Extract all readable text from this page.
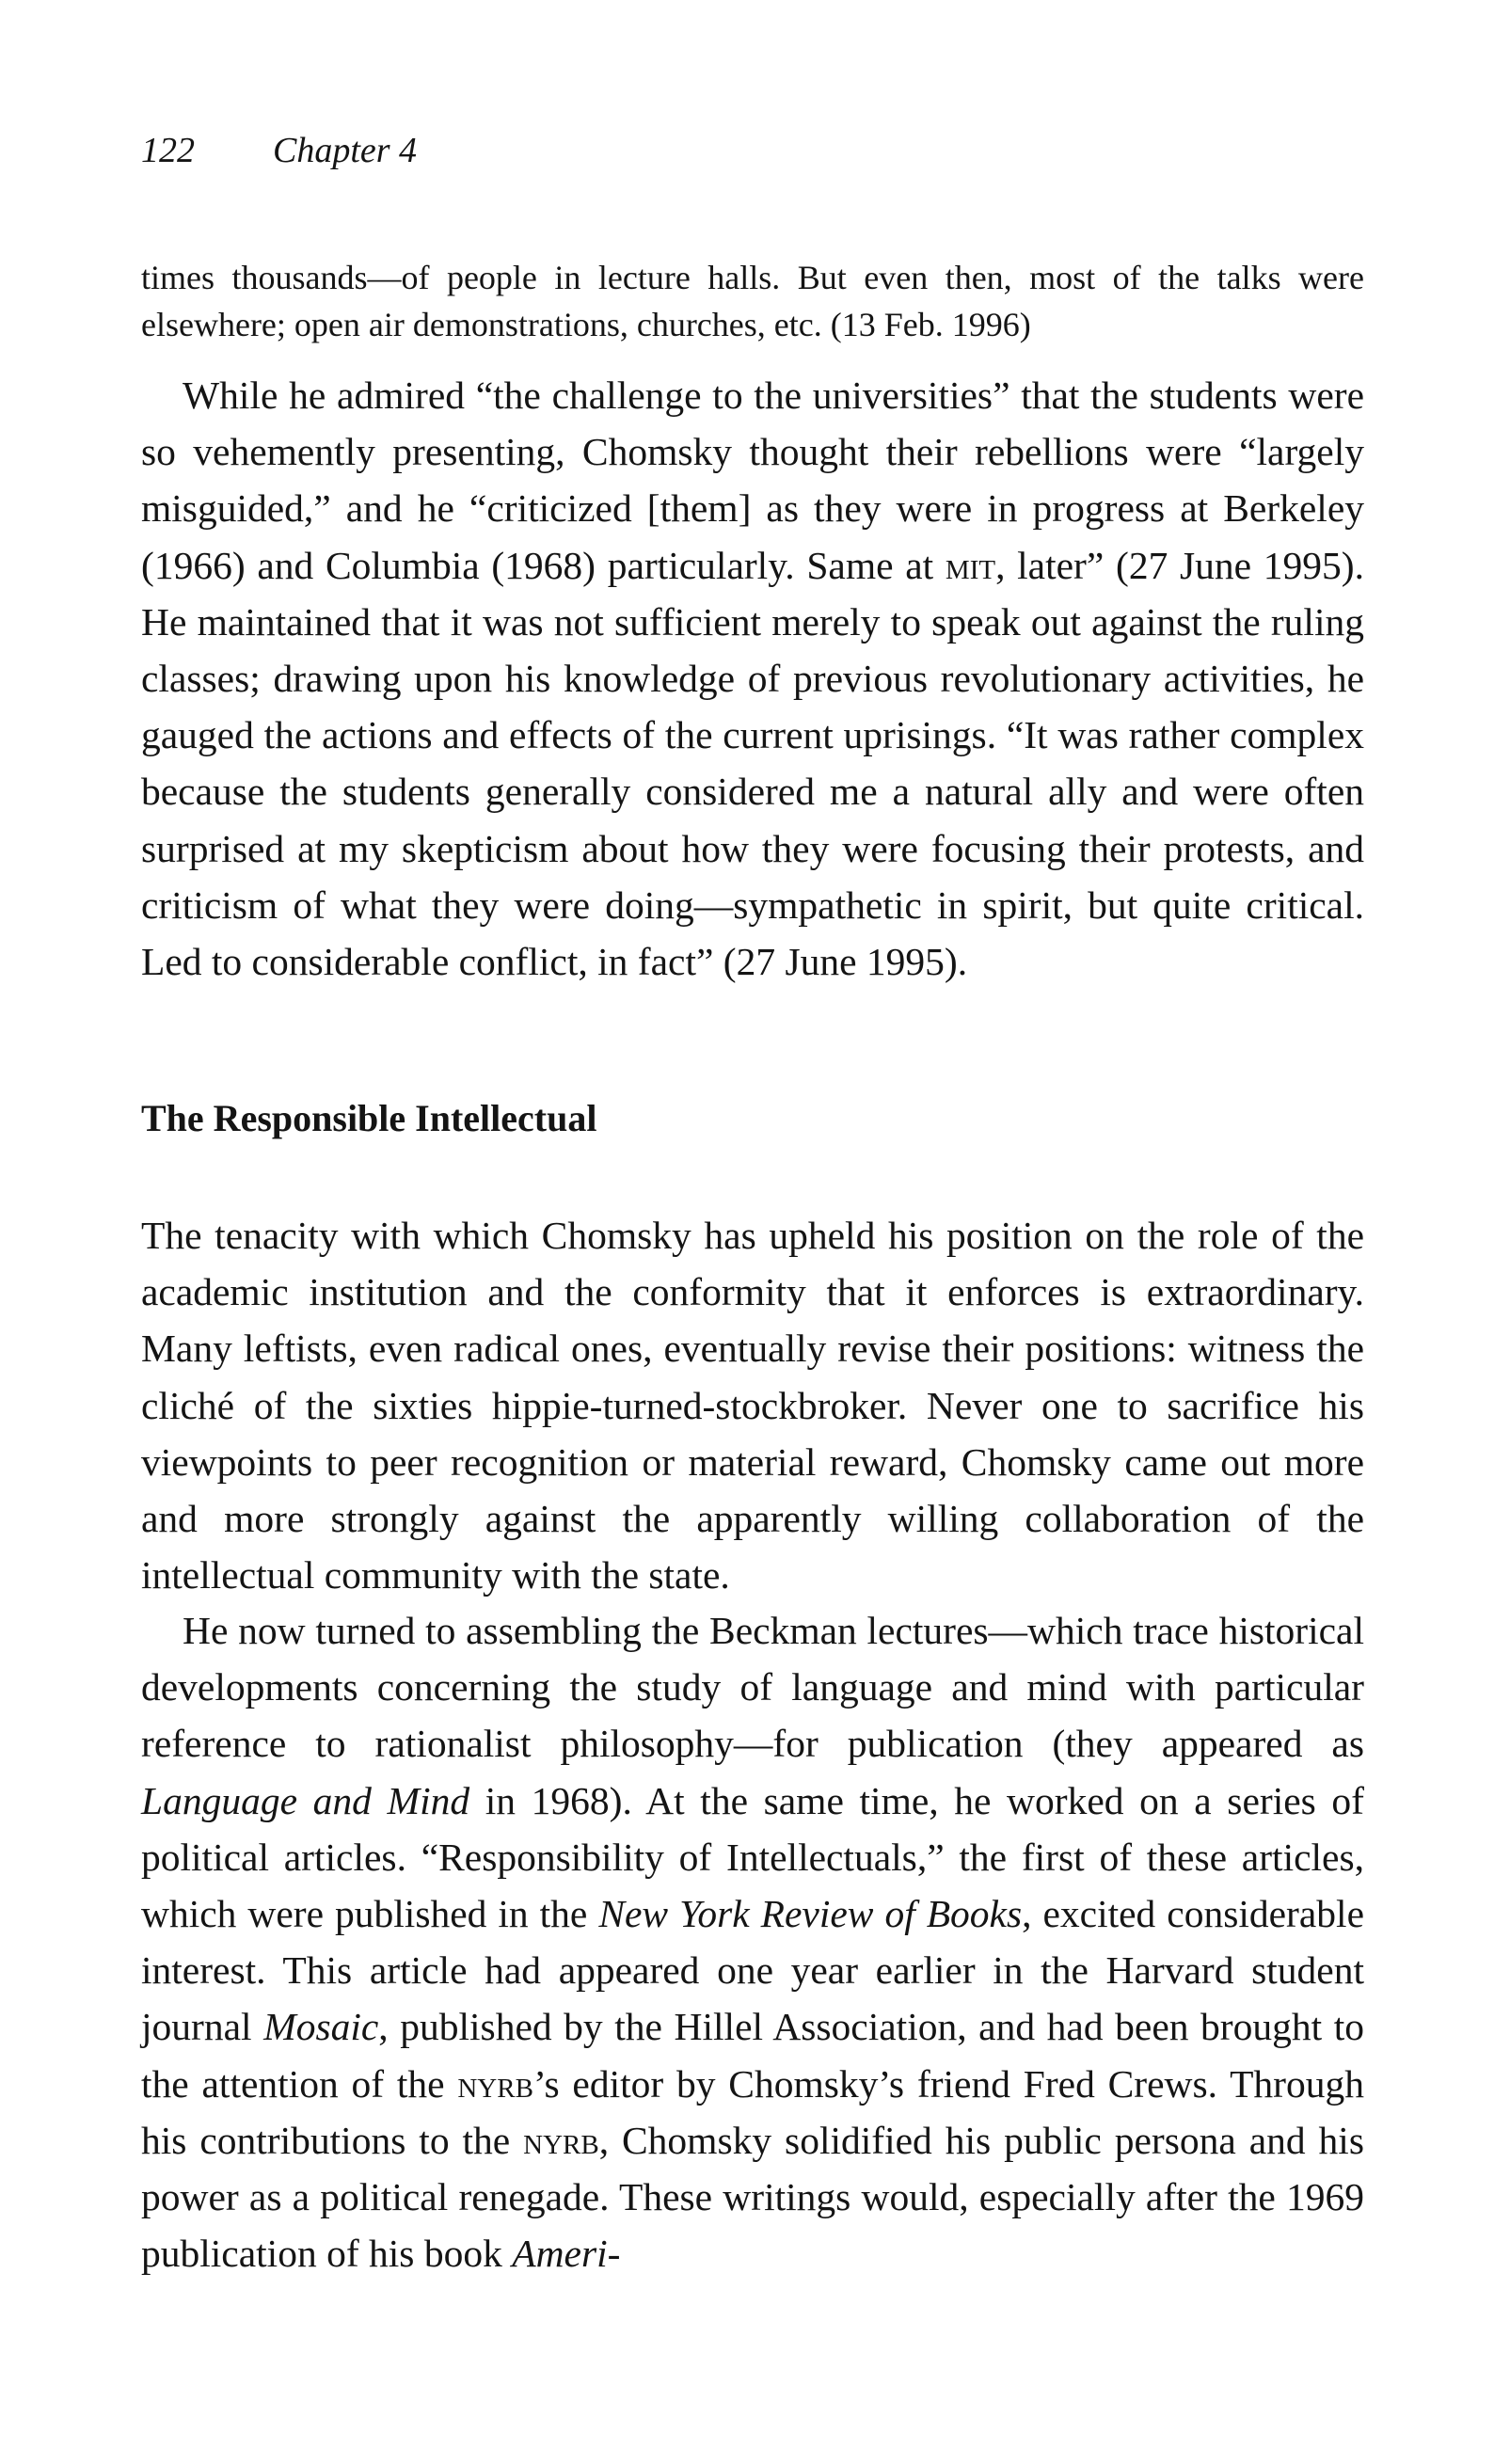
122 Chapter 4
times thousands—of people in lecture halls. But even then, most of the talks were elsewhere; open air demonstrations, churches, etc. (13 Feb. 1996)

While he admired “the challenge to the universities” that the students were so vehemently presenting, Chomsky thought their rebellions were “largely misguided,” and he “criticized [them] as they were in progress at Berkeley (1966) and Columbia (1968) particularly. Same at mit, later” (27 June 1995). He maintained that it was not sufficient merely to speak out against the ruling classes; drawing upon his knowledge of previous revolutionary activities, he gauged the actions and effects of the current uprisings. “It was rather complex because the students generally considered me a natural ally and were often surprised at my skepticism about how they were focusing their protests, and criticism of what they were doing—sympathetic in spirit, but quite critical. Led to considerable conflict, in fact” (27 June 1995).

The Responsible Intellectual

The tenacity with which Chomsky has upheld his position on the role of the academic institution and the conformity that it enforces is extraordinary. Many leftists, even radical ones, eventually revise their positions: witness the cliché of the sixties hippie-turned-stockbroker. Never one to sacrifice his viewpoints to peer recognition or material reward, Chomsky came out more and more strongly against the apparently willing collaboration of the intellectual community with the state.

He now turned to assembling the Beckman lectures—which trace historical developments concerning the study of language and mind with particular reference to rationalist philosophy—for publication (they appeared as Language and Mind in 1968). At the same time, he worked on a series of political articles. “Responsibility of Intellectuals,” the first of these articles, which were published in the New York Review of Books, excited considerable interest. This article had appeared one year earlier in the Harvard student journal Mosaic, published by the Hillel Association, and had been brought to the attention of the nyrb’s editor by Chomsky’s friend Fred Crews. Through his contributions to the nyrb, Chomsky solidified his public persona and his power as a political renegade. These writings would, especially after the 1969 publication of his book Ameri-
